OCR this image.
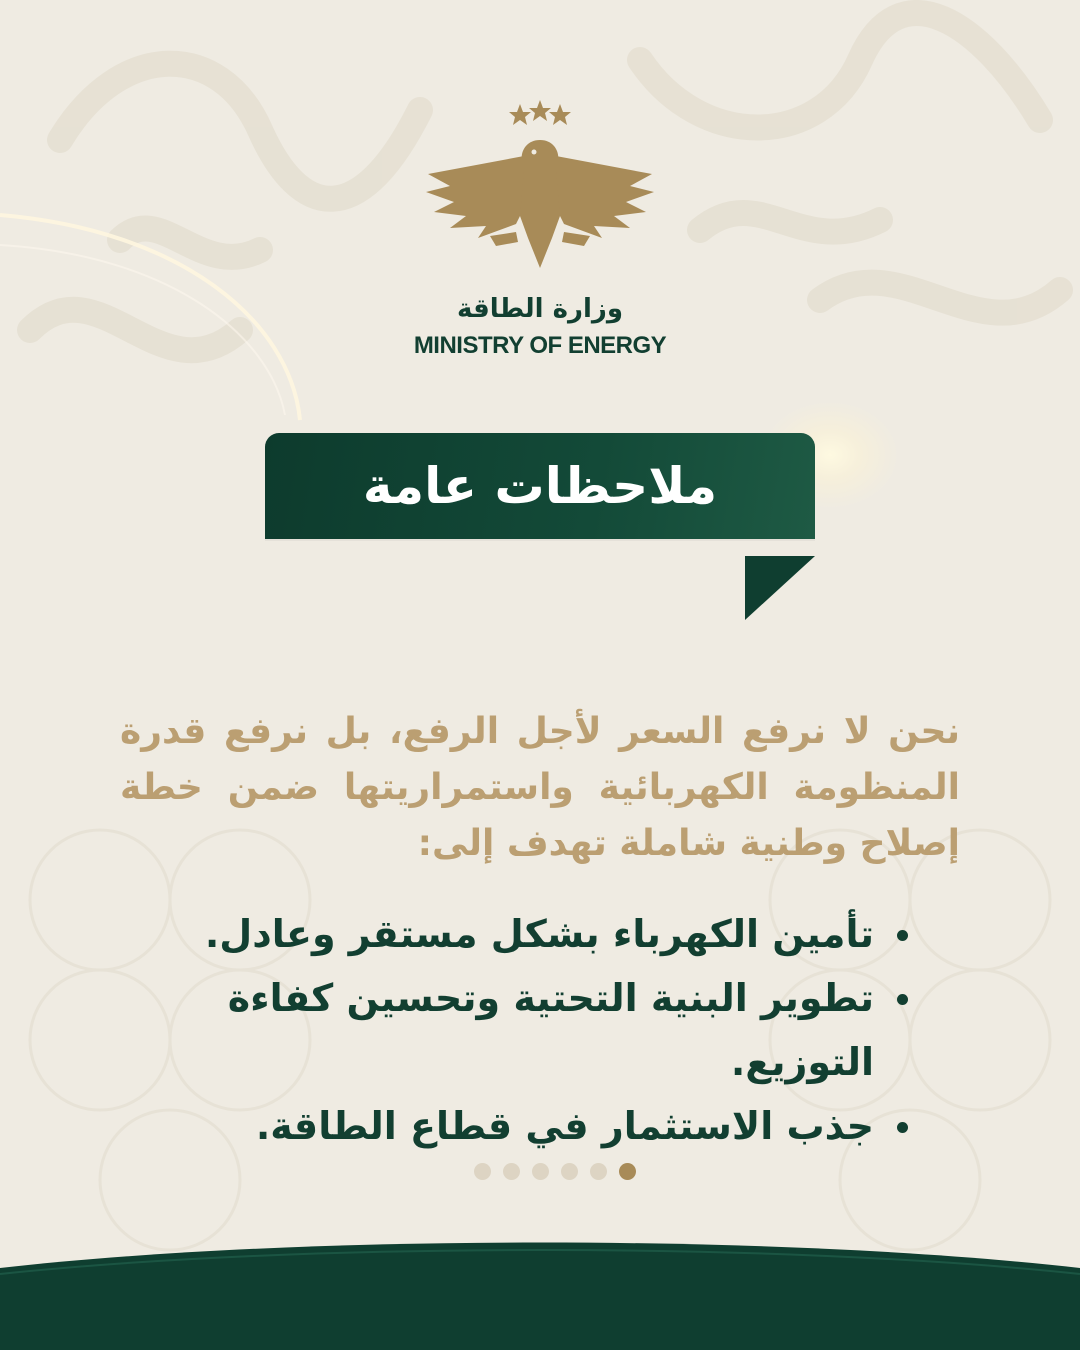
وزارة الطاقة
MINISTRY OF ENERGY
ملاحظات عامة

نحن لا نرفع السعر لأجل الرفع، بل نرفع قدرة المنظومة الكهربائية واستمراريتها ضمن خطة إصلاح وطنية شاملة تهدف إلى:

تأمين الكهرباء بشكل مستقر وعادل.
تطوير البنية التحتية وتحسين كفاءة التوزيع.
جذب الاستثمار في قطاع الطاقة.
